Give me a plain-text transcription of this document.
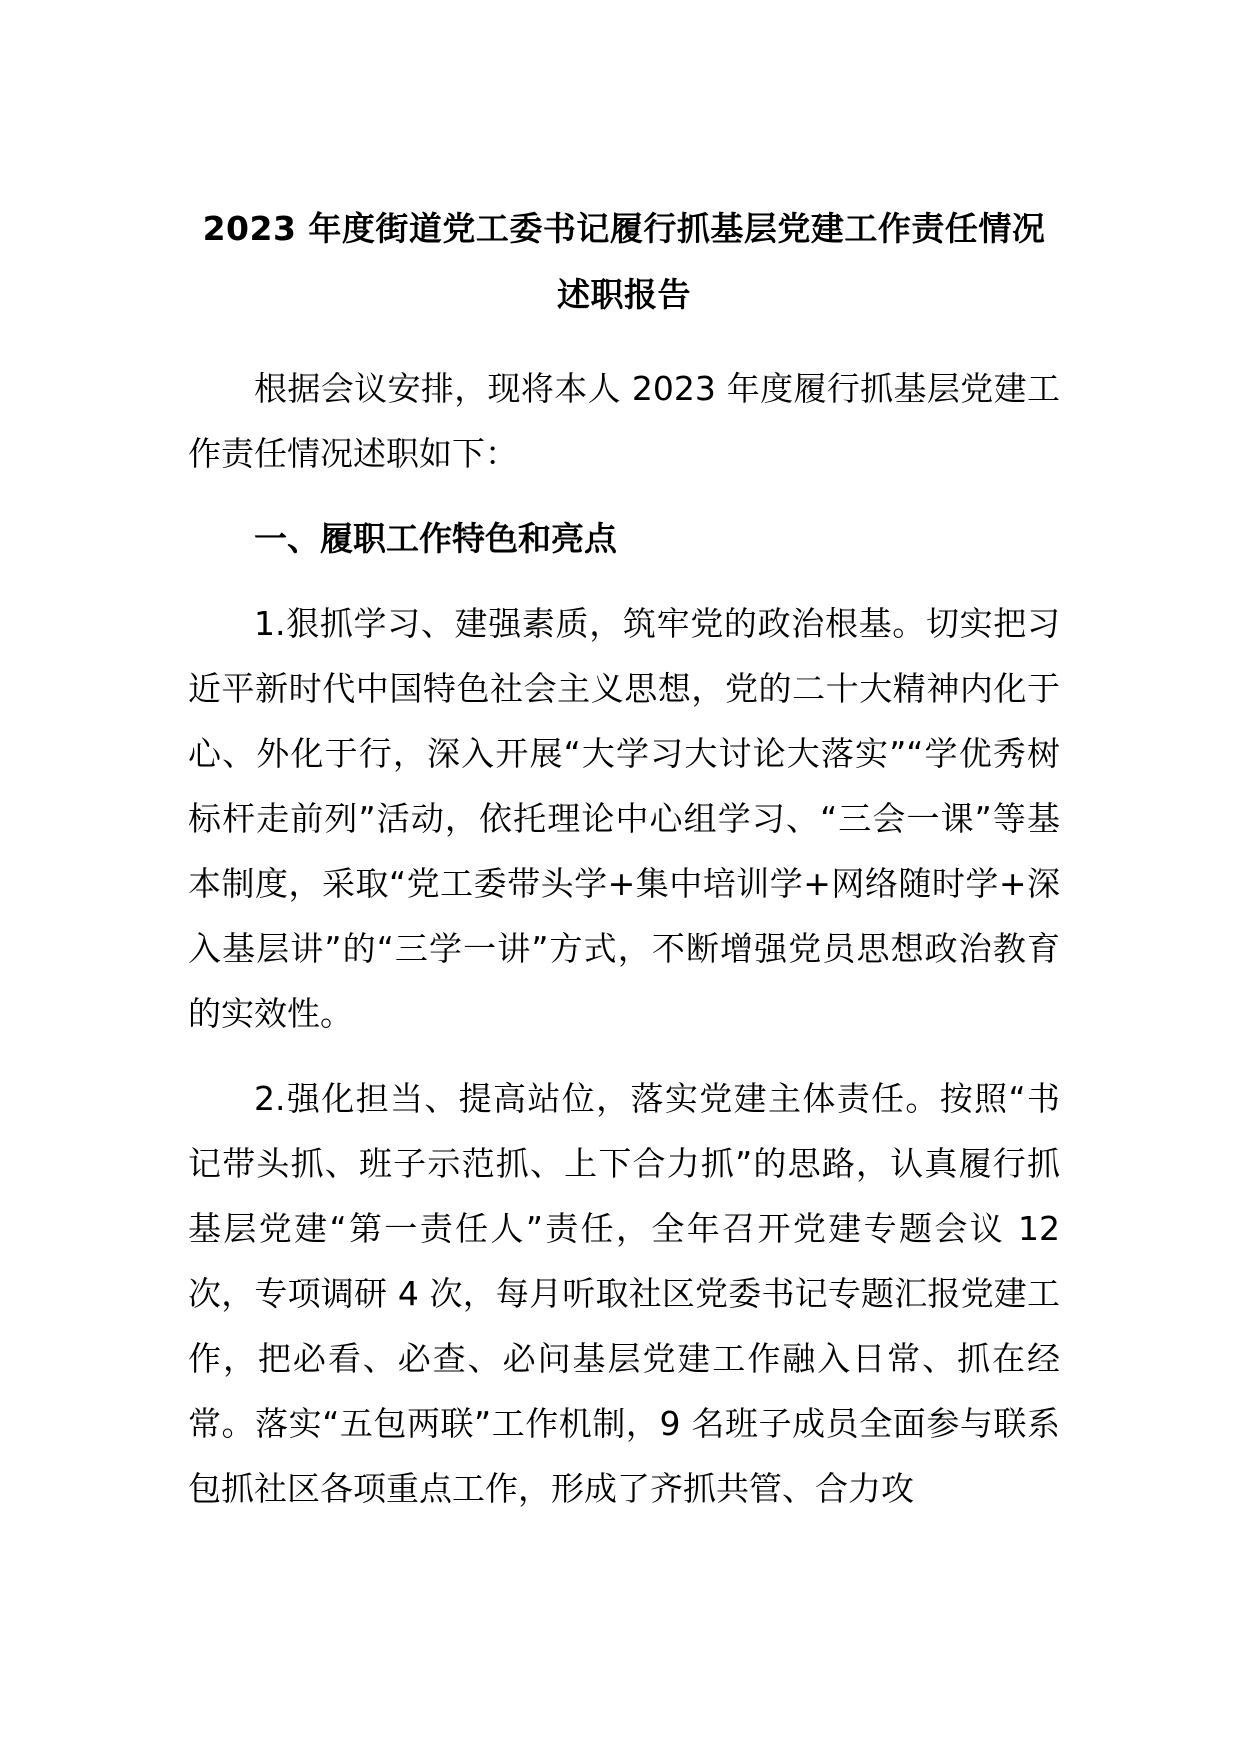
2023 年度街道党工委书记履行抓基层党建工作责任情况
述职报告

根据会议安排，现将本人 2023 年度履行抓基层党建工作责任情况述职如下：

一、履职工作特色和亮点

1.狠抓学习、建强素质，筑牢党的政治根基。切实把习近平新时代中国特色社会主义思想，党的二十大精神内化于心、外化于行，深入开展“大学习大讨论大落实”“学优秀树标杆走前列”活动，依托理论中心组学习、“三会一课”等基本制度，采取“党工委带头学+集中培训学+网络随时学+深入基层讲”的“三学一讲”方式，不断增强党员思想政治教育的实效性。

2.强化担当、提高站位，落实党建主体责任。按照“书记带头抓、班子示范抓、上下合力抓”的思路，认真履行抓基层党建“第一责任人”责任，全年召开党建专题会议 12 次，专项调研 4 次，每月听取社区党委书记专题汇报党建工作，把必看、必查、必问基层党建工作融入日常、抓在经常。落实“五包两联”工作机制，9 名班子成员全面参与联系包抓社区各项重点工作，形成了齐抓共管、合力攻
